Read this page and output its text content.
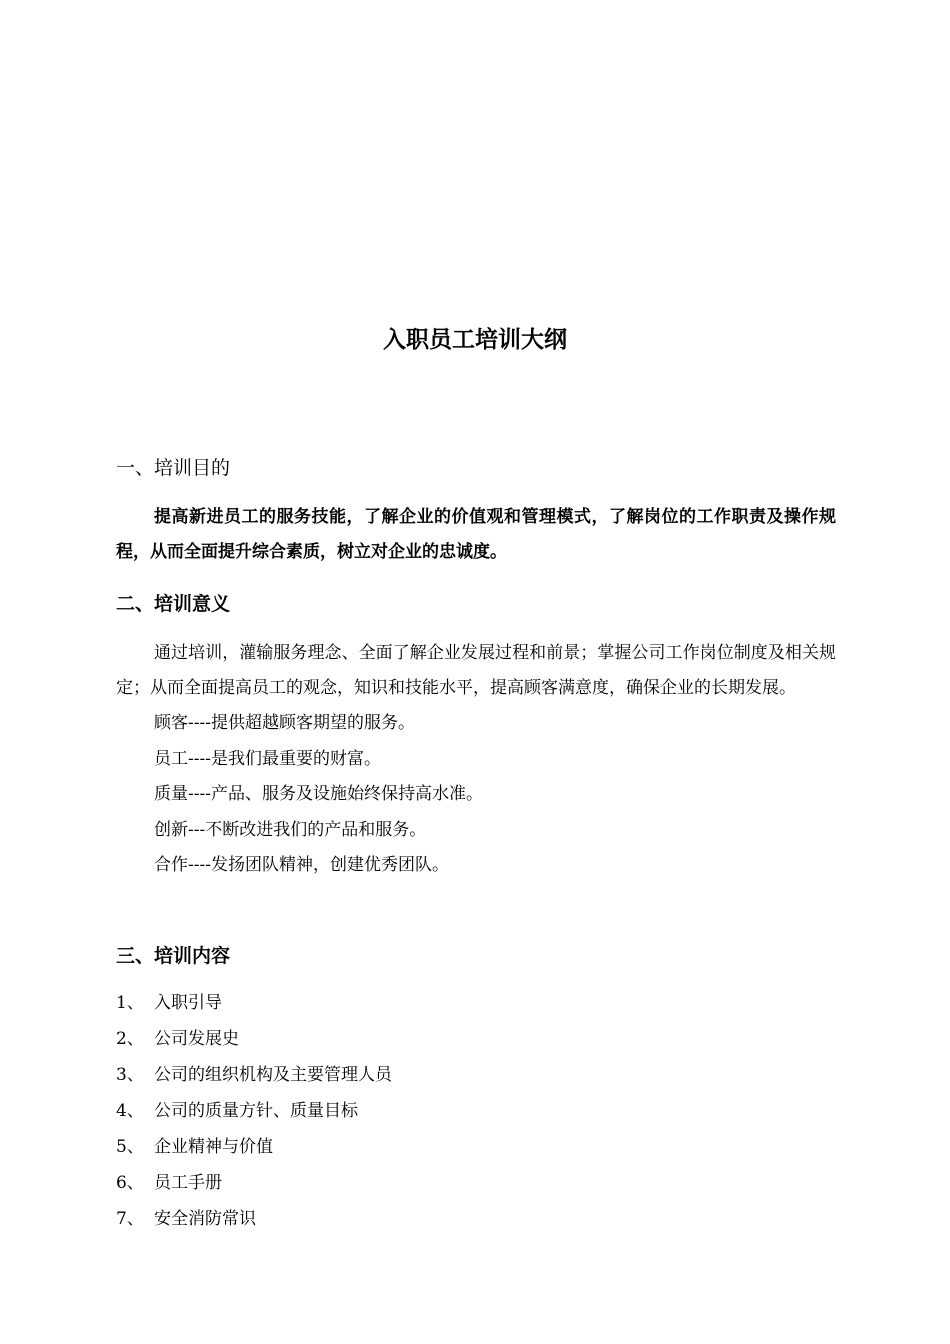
入职员工培训大纲
一、培训目的

提高新进员工的服务技能，了解企业的价值观和管理模式，了解岗位的工作职责及操作规程，从而全面提升综合素质，树立对企业的忠诚度。

二、培训意义

通过培训，灌输服务理念、全面了解企业发展过程和前景；掌握公司工作岗位制度及相关规定；从而全面提高员工的观念，知识和技能水平，提高顾客满意度，确保企业的长期发展。

顾客----提供超越顾客期望的服务。

员工----是我们最重要的财富。

质量----产品、服务及设施始终保持高水准。

创新---不断改进我们的产品和服务。

合作----发扬团队精神，创建优秀团队。

三、培训内容
1、 入职引导
2、 公司发展史
3、 公司的组织机构及主要管理人员
4、 公司的质量方针、质量目标
5、 企业精神与价值
6、 员工手册
7、 安全消防常识
